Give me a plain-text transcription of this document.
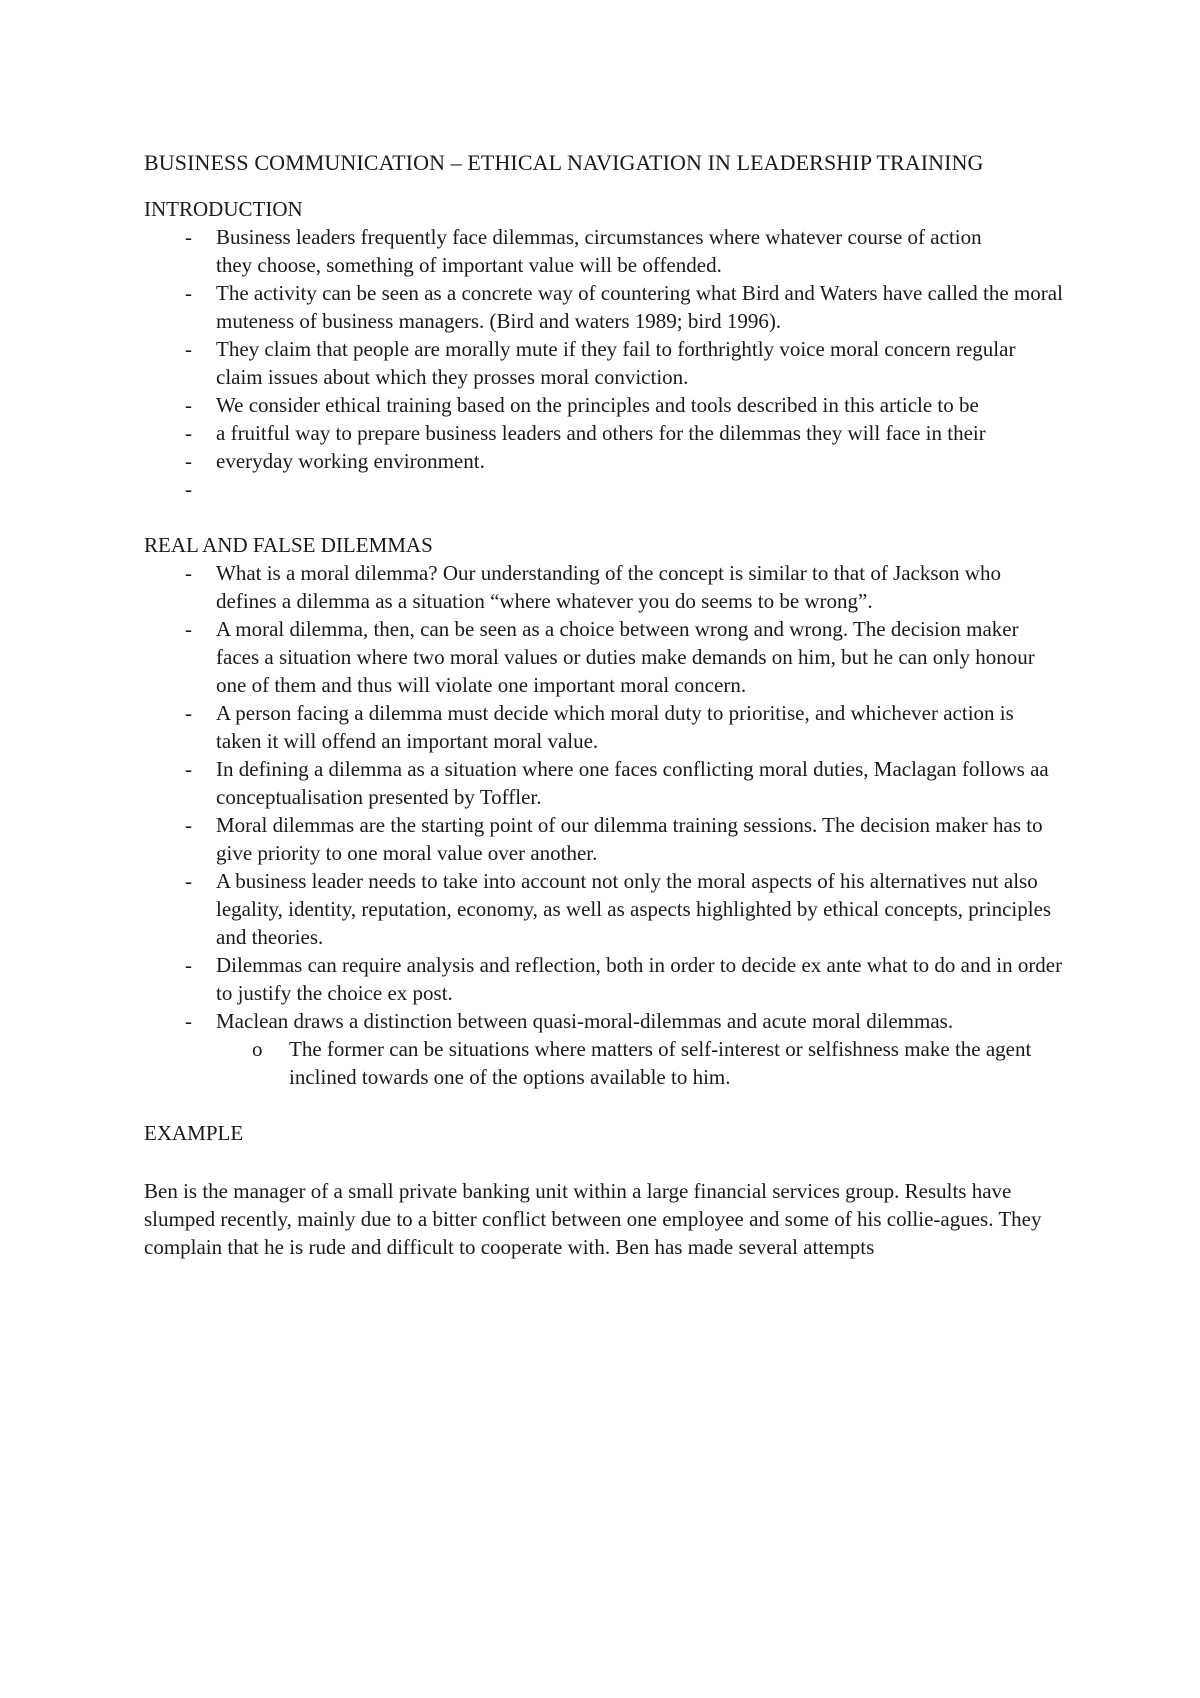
BUSINESS COMMUNICATION – ETHICAL NAVIGATION IN LEADERSHIP TRAINING

INTRODUCTION

- Business leaders frequently face dilemmas, circumstances where whatever course of action
they choose, something of important value will be offended.
- The activity can be seen as a concrete way of countering what Bird and Waters have called the moral muteness of business managers. (Bird and waters 1989; bird 1996).
- They claim that people are morally mute if they fail to forthrightly voice moral concern regular claim issues about which they prosses moral conviction.
- We consider ethical training based on the principles and tools described in this article to be
- a fruitful way to prepare business leaders and others for the dilemmas they will face in their
- everyday working environment.
-

REAL AND FALSE DILEMMAS

- What is a moral dilemma? Our understanding of the concept is similar to that of Jackson who defines a dilemma as a situation “where whatever you do seems to be wrong”.
- A moral dilemma, then, can be seen as a choice between wrong and wrong. The decision maker faces a situation where two moral values or duties make demands on him, but he can only honour one of them and thus will violate one important moral concern.
- A person facing a dilemma must decide which moral duty to prioritise, and whichever action is taken it will offend an important moral value.
- In defining a dilemma as a situation where one faces conflicting moral duties, Maclagan follows aa conceptualisation presented by Toffler.
- Moral dilemmas are the starting point of our dilemma training sessions. The decision maker has to give priority to one moral value over another.
- A business leader needs to take into account not only the moral aspects of his alternatives nut also legality, identity, reputation, economy, as well as aspects highlighted by ethical concepts, principles and theories.
- Dilemmas can require analysis and reflection, both in order to decide ex ante what to do and in order to justify the choice ex post.
- Maclean draws a distinction between quasi-moral-dilemmas and acute moral dilemmas.
o The former can be situations where matters of self-interest or selfishness make the agent inclined towards one of the options available to him.

EXAMPLE

Ben is the manager of a small private banking unit within a large financial services group. Results have slumped recently, mainly due to a bitter conflict between one employee and some of his collie-agues. They complain that he is rude and difficult to cooperate with. Ben has made several attempts
